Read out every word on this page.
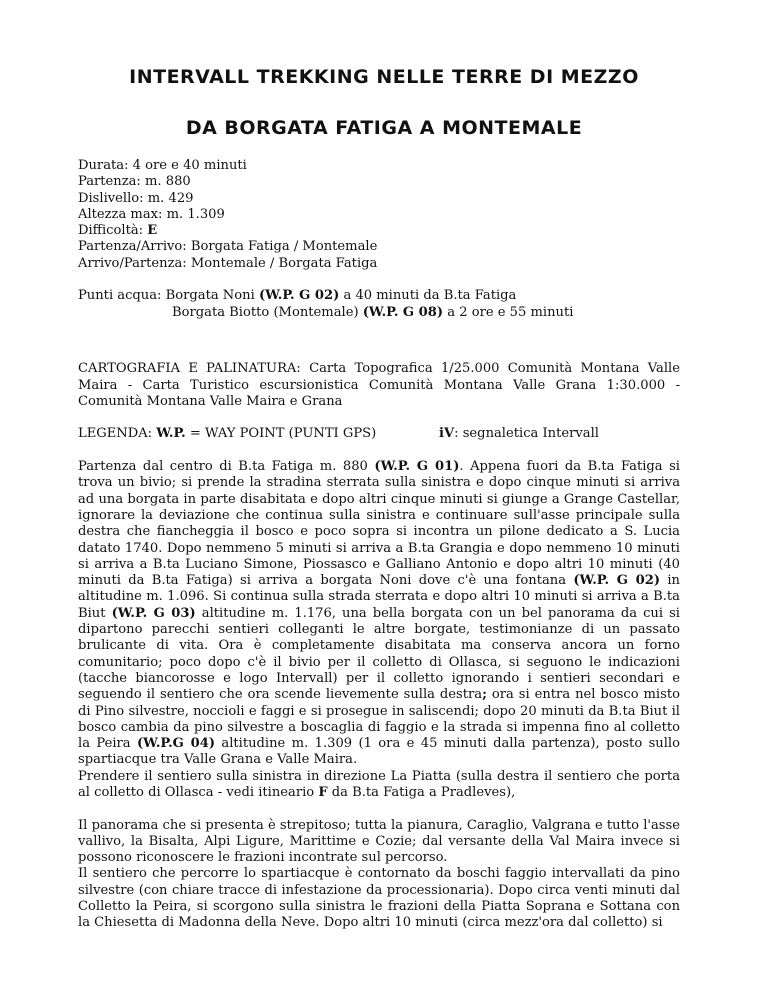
INTERVALL TREKKING NELLE TERRE DI MEZZO
DA BORGATA FATIGA A MONTEMALE
Durata: 4 ore e 40 minuti
Partenza: m. 880
Dislivello: m. 429
Altezza max: m. 1.309
Difficoltà: E
Partenza/Arrivo: Borgata Fatiga / Montemale
Arrivo/Partenza: Montemale / Borgata Fatiga
Punti acqua: Borgata Noni (W.P. G 02) a 40 minuti da B.ta Fatiga
Borgata Biotto (Montemale) (W.P. G 08) a 2 ore e 55 minuti
CARTOGRAFIA E PALINATURA: Carta Topografica 1/25.000 Comunità Montana Valle Maira - Carta Turistico escursionistica Comunità Montana Valle Grana 1:30.000 - Comunità Montana Valle Maira e Grana
LEGENDA: W.P. = WAY POINT (PUNTI GPS)	iV: segnaletica Intervall
Partenza dal centro di B.ta Fatiga m. 880 (W.P. G 01). Appena fuori da B.ta Fatiga si trova un bivio; si prende la stradina sterrata sulla sinistra e dopo cinque minuti si arriva ad una borgata in parte disabitata e dopo altri cinque minuti si giunge a Grange Castellar, ignorare la deviazione che continua sulla sinistra e continuare sull'asse principale sulla destra che fiancheggia il bosco e poco sopra si incontra un pilone dedicato a S. Lucia datato 1740. Dopo nemmeno 5 minuti si arriva a B.ta Grangia e dopo nemmeno 10 minuti si arriva a B.ta Luciano Simone, Piossasco e Galliano Antonio e dopo altri 10 minuti (40 minuti da B.ta Fatiga) si arriva a borgata Noni dove c'è una fontana (W.P. G 02) in altitudine m. 1.096. Si continua sulla strada sterrata e dopo altri 10 minuti si arriva a B.ta Biut (W.P. G 03) altitudine m. 1.176, una bella borgata con un bel panorama da cui si dipartono parecchi sentieri colleganti le altre borgate, testimonianze di un passato brulicante di vita. Ora è completamente disabitata ma conserva ancora un forno comunitario; poco dopo c'è il bivio per il colletto di Ollasca, si seguono le indicazioni (tacche biancorosse e logo Intervall) per il colletto ignorando i sentieri secondari e seguendo il sentiero che ora scende lievemente sulla destra; ora si entra nel bosco misto di Pino silvestre, noccioli e faggi e si prosegue in saliscendi; dopo 20 minuti da B.ta Biut il bosco cambia da pino silvestre a boscaglia di faggio e la strada si impenna fino al colletto la Peira (W.P.G 04) altitudine m. 1.309 (1 ora e 45 minuti dalla partenza), posto sullo spartiacque tra Valle Grana e Valle Maira.
Prendere il sentiero sulla sinistra in direzione La Piatta (sulla destra il sentiero che porta al colletto di Ollasca - vedi itineario F da B.ta Fatiga a Pradleves),
Il panorama che si presenta è strepitoso; tutta la pianura, Caraglio, Valgrana e tutto l'asse vallivo, la Bisalta, Alpi Ligure, Marittime e Cozie; dal versante della Val Maira invece si possono riconoscere le frazioni incontrate sul percorso.
Il sentiero che percorre lo spartiacque è contornato da boschi faggio intervallati da pino silvestre (con chiare tracce di infestazione da processionaria). Dopo circa venti minuti dal Colletto la Peira, si scorgono sulla sinistra le frazioni della Piatta Soprana e Sottana con la Chiesetta di Madonna della Neve. Dopo altri 10 minuti (circa mezz'ora dal colletto) si
